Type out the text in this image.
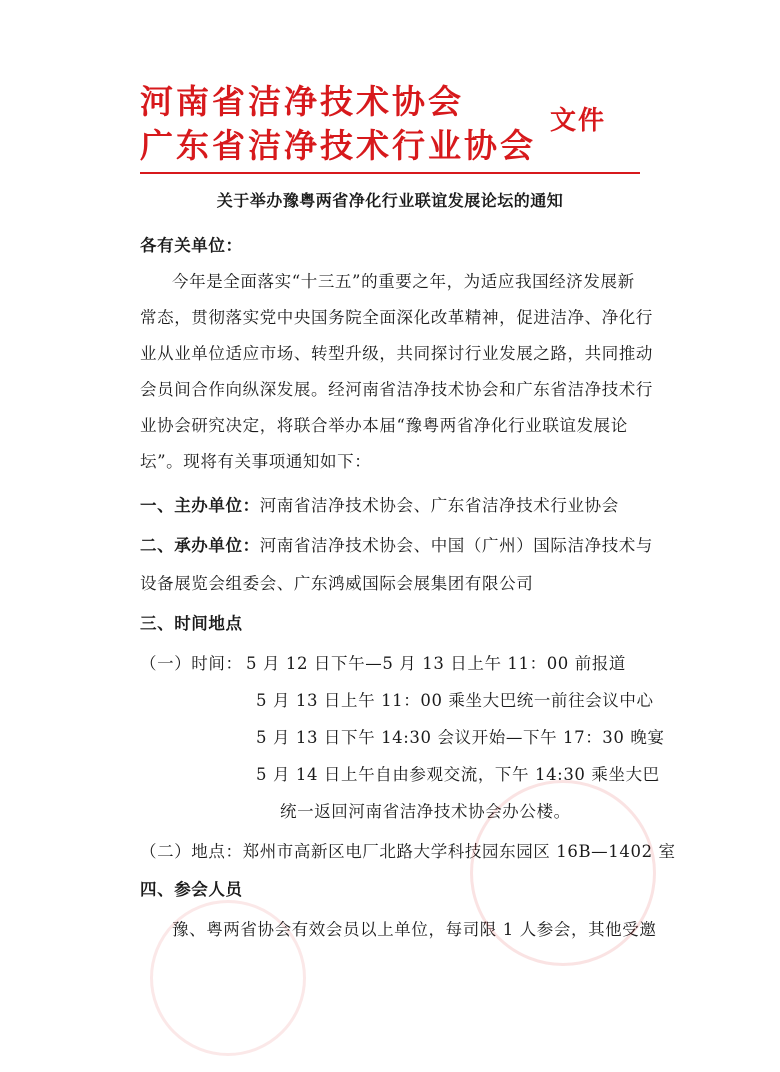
河南省洁净技术协会
广东省洁净技术行业协会
文件
关于举办豫粤两省净化行业联谊发展论坛的通知
各有关单位：
今年是全面落实“十三五”的重要之年，为适应我国经济发展新
常态，贯彻落实党中央国务院全面深化改革精神，促进洁净、净化行
业从业单位适应市场、转型升级，共同探讨行业发展之路，共同推动
会员间合作向纵深发展。经河南省洁净技术协会和广东省洁净技术行
业协会研究决定，将联合举办本届“豫粤两省净化行业联谊发展论
坛”。现将有关事项通知如下：
一、主办单位：河南省洁净技术协会、广东省洁净技术行业协会
二、承办单位：河南省洁净技术协会、中国（广州）国际洁净技术与
设备展览会组委会、广东鸿威国际会展集团有限公司
三、时间地点
（一）时间： 5 月 12 日下午—5 月 13 日上午 11：00 前报道
5 月 13 日上午 11：00 乘坐大巴统一前往会议中心
5 月 13 日下午 14:30 会议开始—下午 17：30 晚宴
5 月 14 日上午自由参观交流，下午 14:30 乘坐大巴
统一返回河南省洁净技术协会办公楼。
（二）地点：郑州市高新区电厂北路大学科技园东园区 16B—1402 室
四、参会人员
豫、粤两省协会有效会员以上单位，每司限 1 人参会，其他受邀
